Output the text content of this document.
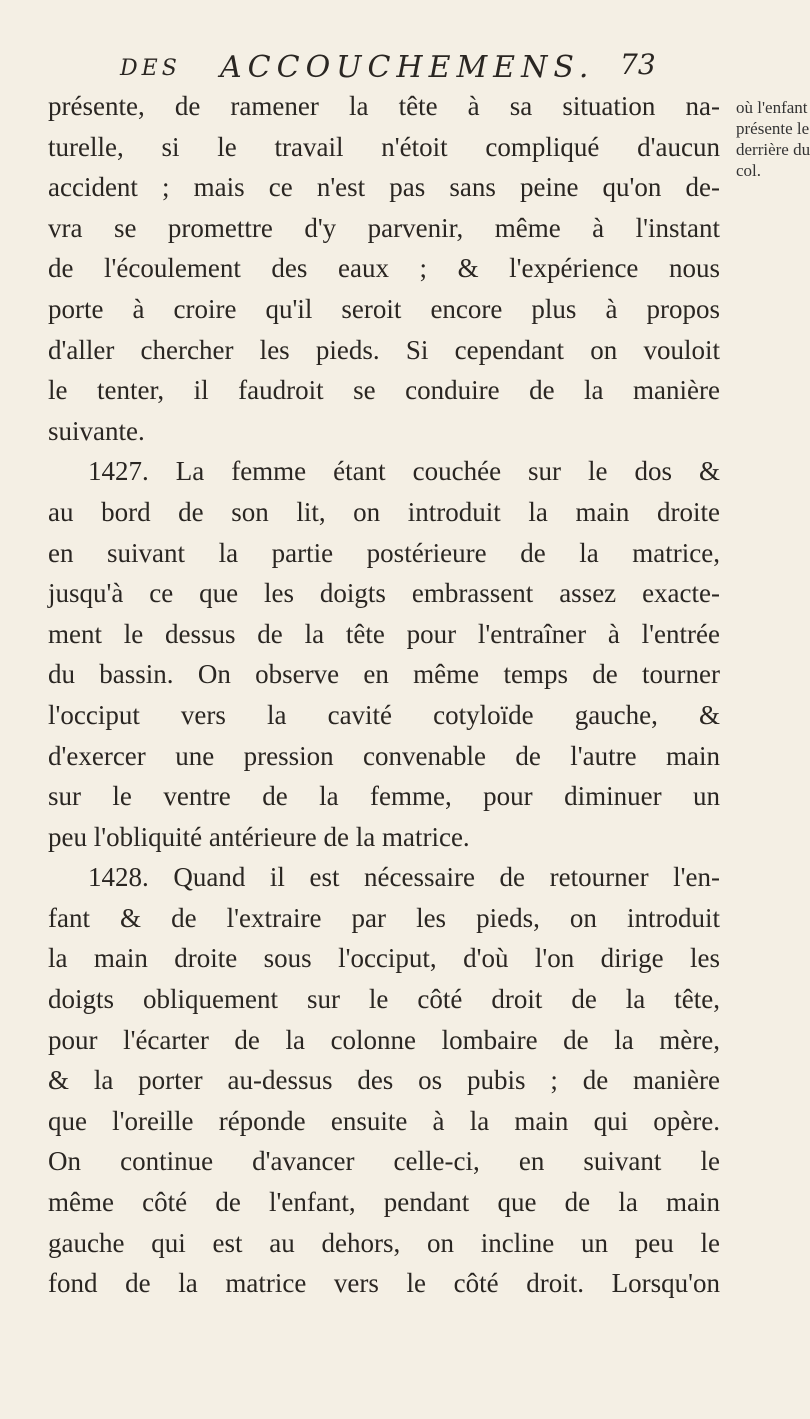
DES ACCOUCHEMENS. 73
où l'enfant
présente le
derrière du
col.
présente, de ramener la tête à sa situation na-
turelle, si le travail n'étoit compliqué d'aucun
accident ; mais ce n'est pas sans peine qu'on de-
vra se promettre d'y parvenir, même à l'instant
de l'écoulement des eaux ; & l'expérience nous
porte à croire qu'il seroit encore plus à propos
d'aller chercher les pieds. Si cependant on vouloit
le tenter, il faudroit se conduire de la manière
suivante.
1427. La femme étant couchée sur le dos &
au bord de son lit, on introduit la main droite
en suivant la partie postérieure de la matrice,
jusqu'à ce que les doigts embrassent assez exacte-
ment le dessus de la tête pour l'entraîner à l'entrée
du bassin. On observe en même temps de tourner
l'occiput vers la cavité cotyloïde gauche, &
d'exercer une pression convenable de l'autre main
sur le ventre de la femme, pour diminuer un
peu l'obliquité antérieure de la matrice.
1428. Quand il est nécessaire de retourner l'en-
fant & de l'extraire par les pieds, on introduit
la main droite sous l'occiput, d'où l'on dirige les
doigts obliquement sur le côté droit de la tête,
pour l'écarter de la colonne lombaire de la mère,
& la porter au-dessus des os pubis ; de manière
que l'oreille réponde ensuite à la main qui opère.
On continue d'avancer celle-ci, en suivant le
même côté de l'enfant, pendant que de la main
gauche qui est au dehors, on incline un peu le
fond de la matrice vers le côté droit. Lorsqu'on
